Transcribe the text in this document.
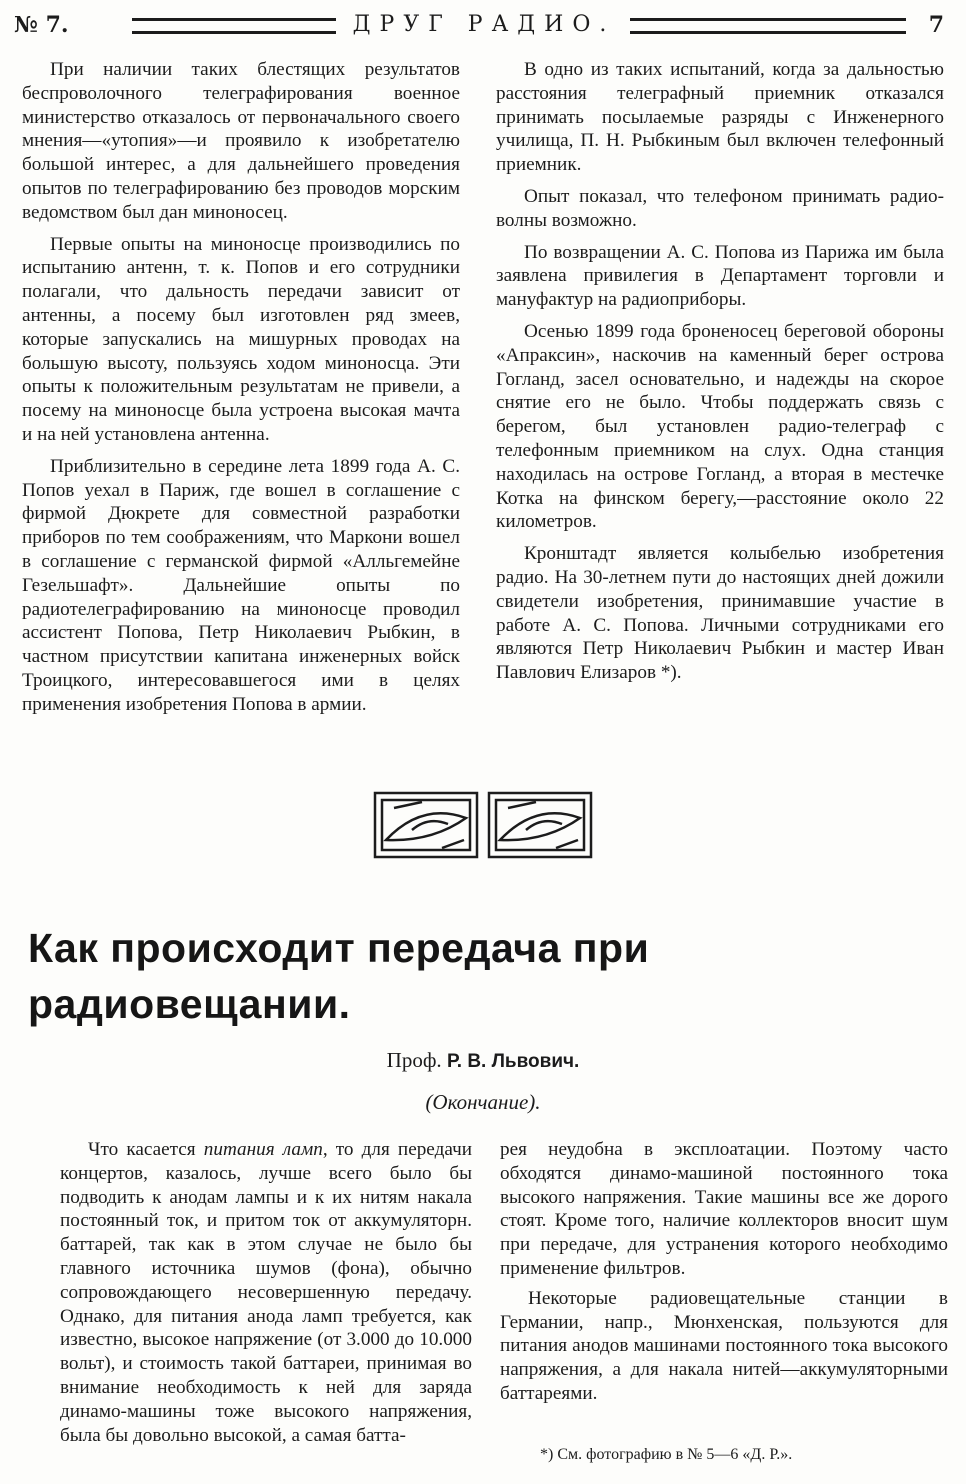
№ 7.	ДРУГ РАДИО.	7

При наличии таких блестящих результатов беспроволочного телеграфирования военное министерство отказалось от первоначального своего мнения—«утопия»—и проявило к изобретателю большой интерес, а для дальнейшего проведения опытов по телеграфированию без проводов морским ведомством был дан миноносец.

Первые опыты на миноносце производились по испытанию антенн, т. к. Попов и его сотрудники полагали, что дальность передачи зависит от антенны, а посему был изготовлен ряд змеев, которые запускались на мишурных проводах на большую высоту, пользуясь ходом миноносца. Эти опыты к положительным результатам не привели, а посему на миноносце была устроена высокая мачта и на ней установлена антенна.

Приблизительно в середине лета 1899 года А. С. Попов уехал в Париж, где вошел в соглашение с фирмой Дюкрете для совместной разработки приборов по тем соображениям, что Маркони вошел в соглашение с германской фирмой «Алльгемейне Гезельшафт». Дальнейшие опыты по радиотелеграфированию на миноносце проводил ассистент Попова, Петр Николаевич Рыбкин, в частном присутствии капитана инженерных войск Троицкого, интересовавшегося ими в целях применения изобретения Попова в армии.

В одно из таких испытаний, когда за дальностью расстояния телеграфный приемник отказался принимать посылаемые разряды с Инженерного училища, П. Н. Рыбкиным был включен телефонный приемник.

Опыт показал, что телефоном принимать радио-волны возможно.

По возвращении А. С. Попова из Парижа им была заявлена привилегия в Департамент торговли и мануфактур на радиоприборы.

Осенью 1899 года броненосец береговой обороны «Апраксин», наскочив на каменный берег острова Гогланд, засел основательно, и надежды на скорое снятие его не было. Чтобы поддержать связь с берегом, был установлен радио-телеграф с телефонным приемником на слух. Одна станция находилась на острове Гогланд, а вторая в местечке Котка на финском берегу,—расстояние около 22 километров.

Кронштадт является колыбелью изобретения радио. На 30-летнем пути до настоящих дней дожили свидетели изобретения, принимавшие участие в работе А. С. Попова. Личными сотрудниками его являются Петр Николаевич Рыбкин и мастер Иван Павлович Елизаров *).

Как происходит передача при радиовещании.
Проф. Р. В. Львович.
(Окончание).

Что касается питания ламп, то для передачи концертов, казалось, лучше всего было бы подводить к анодам лампы и к их нитям накала постоянный ток, и притом ток от аккумуляторн. баттарей, так как в этом случае не было бы главного источника шумов (фона), обычно сопровождающего несовершенную передачу. Однако, для питания анода ламп требуется, как известно, высокое напряжение (от 3.000 до 10.000 вольт), и стоимость такой баттареи, принимая во внимание необходимость к ней для заряда динамо-машины тоже высокого напряжения, была бы довольно высокой, а самая батта-

рея неудобна в эксплоатации. Поэтому часто обходятся динамо-машиной постоянного тока высокого напряжения. Такие машины все же дорого стоят. Кроме того, наличие коллекторов вносит шум при передаче, для устранения которого необходимо применение фильтров.

Некоторые радиовещательные станции в Германии, напр., Мюнхенская, пользуются для питания анодов машинами постоянного тока высокого напряжения, а для накала нитей—аккумуляторными баттареями.

*) См. фотографию в № 5—6 «Д. Р.».
